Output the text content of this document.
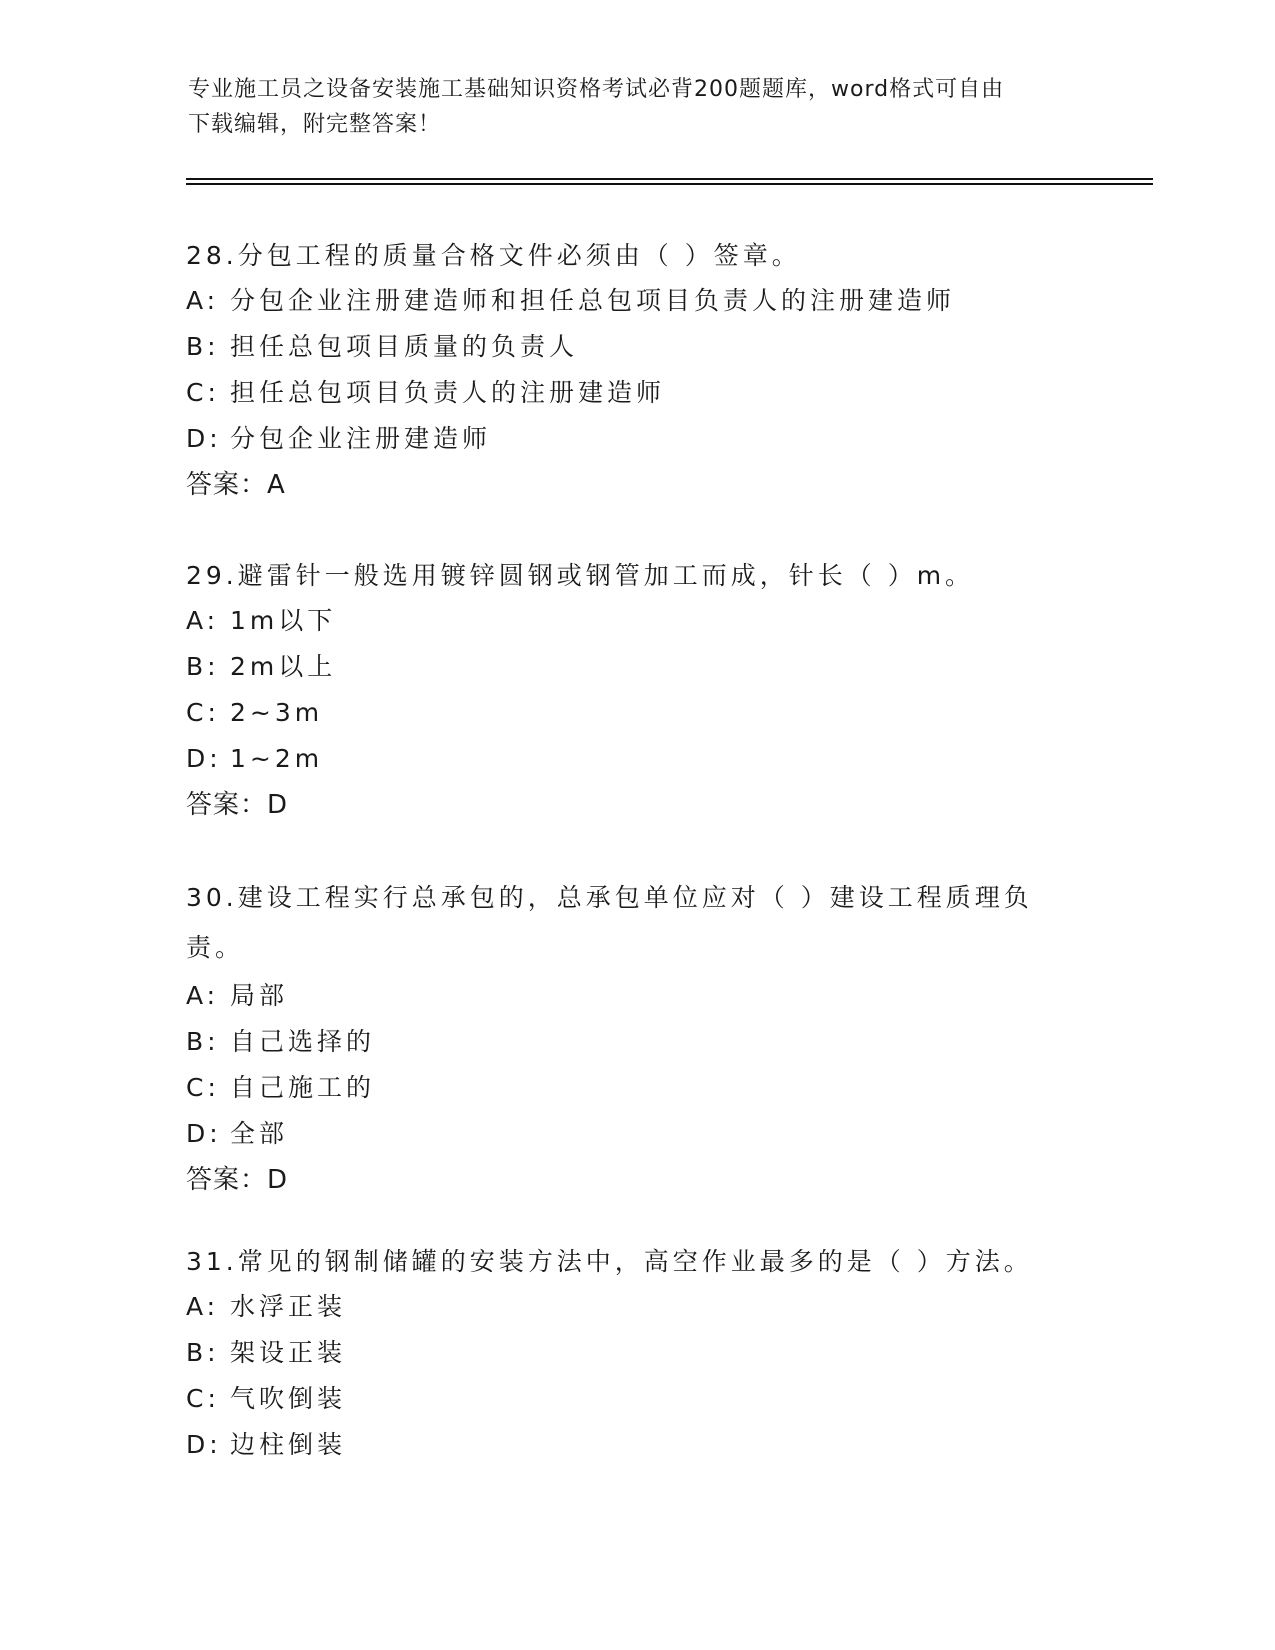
专业施工员之设备安装施工基础知识资格考试必背200题题库，word格式可自由
下载编辑，附完整答案！
28.分包工程的质量合格文件必须由（ ）签章。
A: 分包企业注册建造师和担任总包项目负责人的注册建造师
B: 担任总包项目质量的负责人
C: 担任总包项目负责人的注册建造师
D: 分包企业注册建造师
答案：A
29.避雷针一般选用镀锌圆钢或钢管加工而成，针长（ ）m。
A: 1m以下
B: 2m以上
C: 2~3m
D: 1~2m
答案：D
30.建设工程实行总承包的，总承包单位应对（ ）建设工程质理负责。
A: 局部
B: 自己选择的
C: 自己施工的
D: 全部
答案：D
31.常见的钢制储罐的安装方法中，高空作业最多的是（ ）方法。
A: 水浮正装
B: 架设正装
C: 气吹倒装
D: 边柱倒装
